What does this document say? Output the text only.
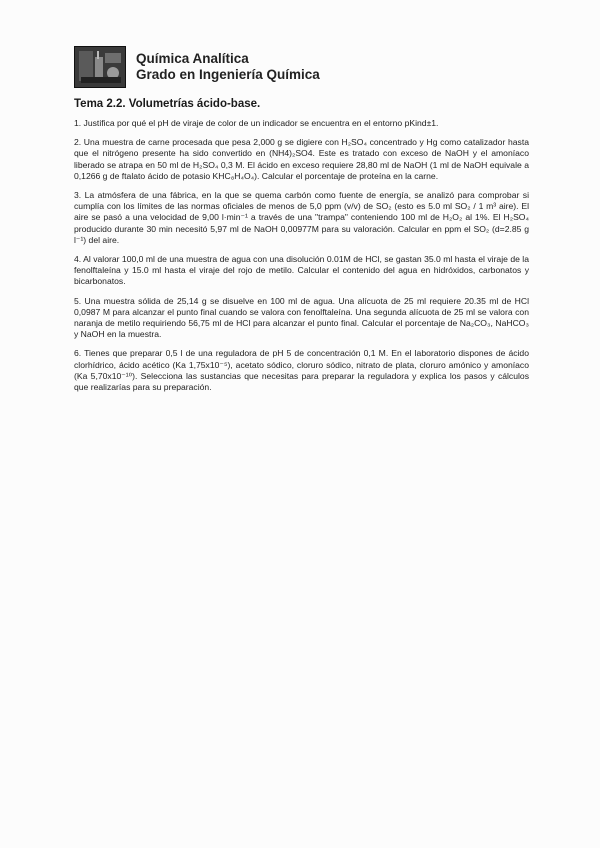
Química Analítica
Grado en Ingeniería Química
Tema 2.2. Volumetrías ácido-base.

1. Justifica por qué el pH de viraje de color de un indicador se encuentra en el entorno pKind±1.

2. Una muestra de carne procesada que pesa 2,000 g se digiere con H₂SO₄ concentrado y Hg como catalizador hasta que el nitrógeno presente ha sido convertido en (NH4)₂SO4. Este es tratado con exceso de NaOH y el amoníaco liberado se atrapa en 50 ml de H₂SO₄ 0,3 M. El ácido en exceso requiere 28,80 ml de NaOH (1 ml de NaOH equivale a 0,1266 g de ftalato ácido de potasio KHC₈H₄O₄). Calcular el porcentaje de proteína en la carne.

3. La atmósfera de una fábrica, en la que se quema carbón como fuente de energía, se analizó para comprobar si cumplía con los límites de las normas oficiales de menos de 5,0 ppm (v/v) de SO₂ (esto es 5.0 ml SO₂ / 1 m³ aire). El aire se pasó a una velocidad de 9,00 l·min⁻¹ a través de una "trampa" conteniendo 100 ml de H₂O₂ al 1%. El H₂SO₄ producido durante 30 min necesitó 5,97 ml de NaOH 0,00977M para su valoración. Calcular en ppm el SO₂ (d=2.85 g l⁻¹) del aire.

4. Al valorar 100,0 ml de una muestra de agua con una disolución 0.01M de HCl, se gastan 35.0 ml hasta el viraje de la fenolftaleína y 15.0 ml hasta el viraje del rojo de metilo. Calcular el contenido del agua en hidróxidos, carbonatos y bicarbonatos.

5. Una muestra sólida de 25,14 g se disuelve en 100 ml de agua. Una alícuota de 25 ml requiere 20.35 ml de HCl 0,0987 M para alcanzar el punto final cuando se valora con fenolftaleína. Una segunda alícuota de 25 ml se valora con naranja de metilo requiriendo 56,75 ml de HCl para alcanzar el punto final. Calcular el porcentaje de Na₂CO₃, NaHCO₃ y NaOH en la muestra.

6. Tienes que preparar 0,5 l de una reguladora de pH 5 de concentración 0,1 M. En el laboratorio dispones de ácido clorhídrico, ácido acético (Ka 1,75x10⁻⁵), acetato sódico, cloruro sódico, nitrato de plata, cloruro amónico y amoníaco (Ka 5,70x10⁻¹⁰). Selecciona las sustancias que necesitas para preparar la reguladora y explica los pasos y cálculos que realizarías para su preparación.
